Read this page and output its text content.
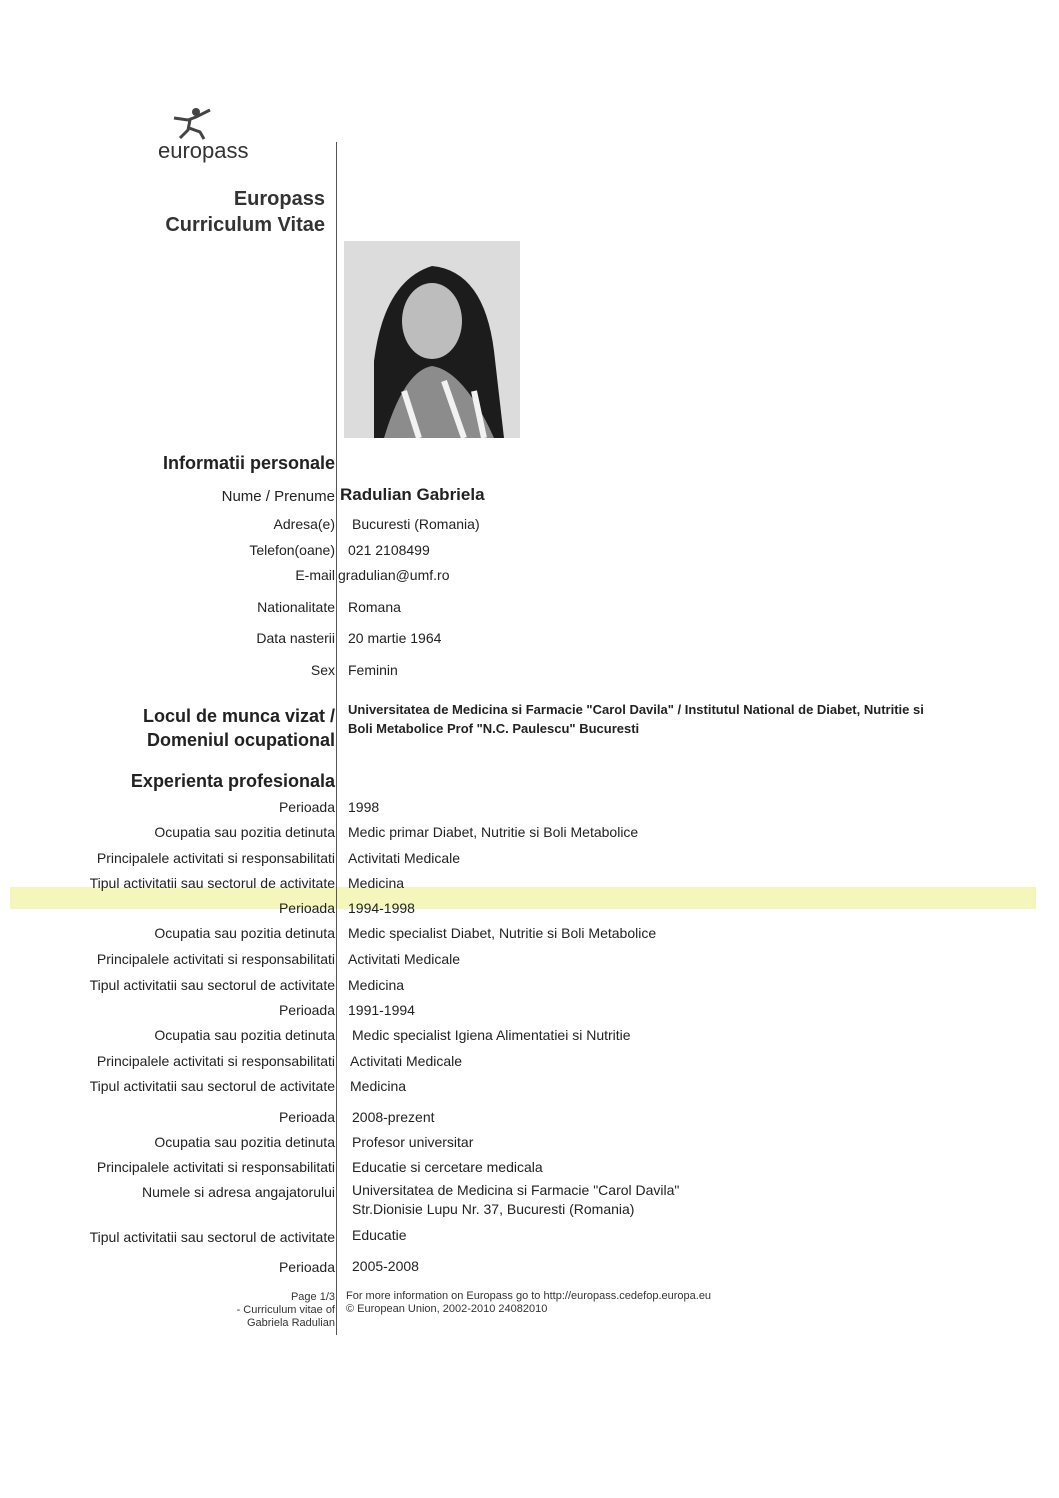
europass
Europass
Curriculum Vitae
Informatii personale
Nume / Prenume Radulian Gabriela
Adresa(e) Bucuresti (Romania)
Telefon(oane) 021 2108499
E-mail gradulian@umf.ro
Nationalitate Romana
Data nasterii 20 martie 1964
Sex Feminin
Locul de munca vizat /
Domeniul ocupational
Universitatea de Medicina si Farmacie "Carol Davila" / Institutul National de Diabet, Nutritie si
Boli Metabolice Prof "N.C. Paulescu" Bucuresti
Experienta profesionala
Perioada 1998
Ocupatia sau pozitia detinuta Medic primar Diabet, Nutritie si Boli Metabolice
Principalele activitati si responsabilitati Activitati Medicale
Tipul activitatii sau sectorul de activitate Medicina
Perioada 1994-1998
Ocupatia sau pozitia detinuta Medic specialist Diabet, Nutritie si Boli Metabolice
Principalele activitati si responsabilitati Activitati Medicale
Tipul activitatii sau sectorul de activitate Medicina
Perioada 1991-1994
Ocupatia sau pozitia detinuta Medic specialist Igiena Alimentatiei si Nutritie
Principalele activitati si responsabilitati Activitati Medicale
Tipul activitatii sau sectorul de activitate Medicina
Perioada 2008-prezent
Ocupatia sau pozitia detinuta Profesor universitar
Principalele activitati si responsabilitati Educatie si cercetare medicala
Numele si adresa angajatorului Universitatea de Medicina si Farmacie "Carol Davila"
Str.Dionisie Lupu Nr. 37, Bucuresti (Romania)
Tipul activitatii sau sectorul de activitate Educatie
Perioada 2005-2008
Page 1/3
- Curriculum vitae of
Gabriela Radulian
For more information on Europass go to http://europass.cedefop.europa.eu
© European Union, 2002-2010 24082010
